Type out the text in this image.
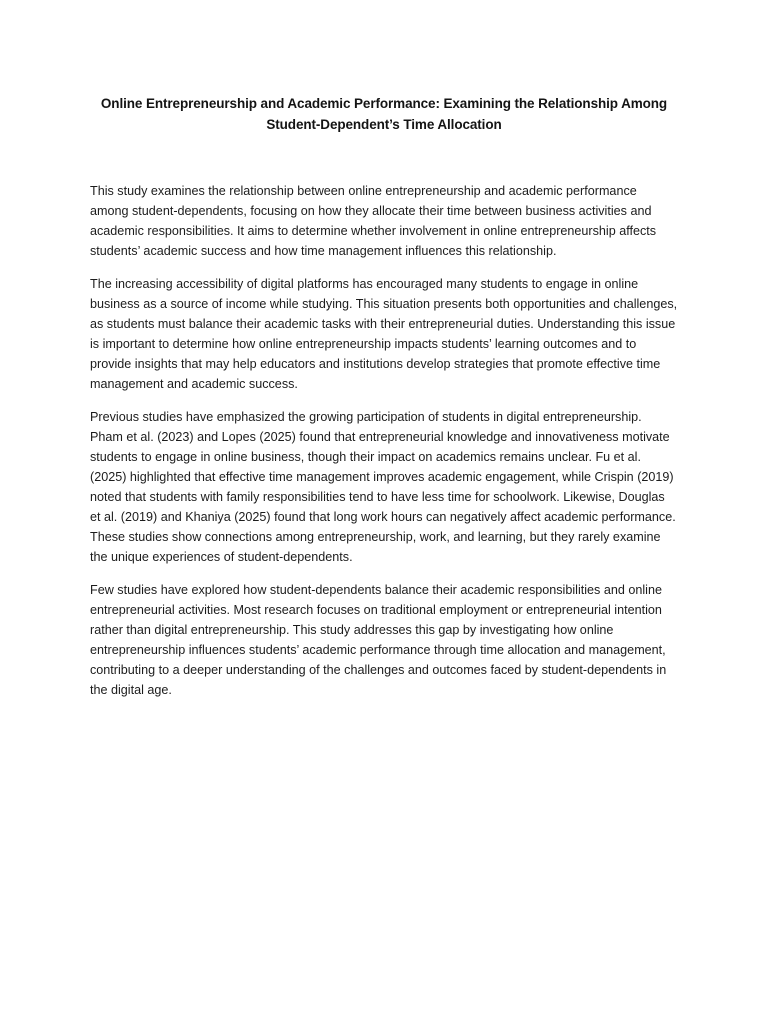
Online Entrepreneurship and Academic Performance: Examining the Relationship Among
Student-Dependent’s Time Allocation

This study examines the relationship between online entrepreneurship and academic performance among student-dependents, focusing on how they allocate their time between business activities and academic responsibilities. It aims to determine whether involvement in online entrepreneurship affects students’ academic success and how time management influences this relationship.

The increasing accessibility of digital platforms has encouraged many students to engage in online business as a source of income while studying. This situation presents both opportunities and challenges, as students must balance their academic tasks with their entrepreneurial duties. Understanding this issue is important to determine how online entrepreneurship impacts students’ learning outcomes and to provide insights that may help educators and institutions develop strategies that promote effective time management and academic success.

Previous studies have emphasized the growing participation of students in digital entrepreneurship. Pham et al. (2023) and Lopes (2025) found that entrepreneurial knowledge and innovativeness motivate students to engage in online business, though their impact on academics remains unclear. Fu et al. (2025) highlighted that effective time management improves academic engagement, while Crispin (2019) noted that students with family responsibilities tend to have less time for schoolwork. Likewise, Douglas et al. (2019) and Khaniya (2025) found that long work hours can negatively affect academic performance. These studies show connections among entrepreneurship, work, and learning, but they rarely examine the unique experiences of student-dependents.

Few studies have explored how student-dependents balance their academic responsibilities and online entrepreneurial activities. Most research focuses on traditional employment or entrepreneurial intention rather than digital entrepreneurship. This study addresses this gap by investigating how online entrepreneurship influences students’ academic performance through time allocation and management, contributing to a deeper understanding of the challenges and outcomes faced by student-dependents in the digital age.
